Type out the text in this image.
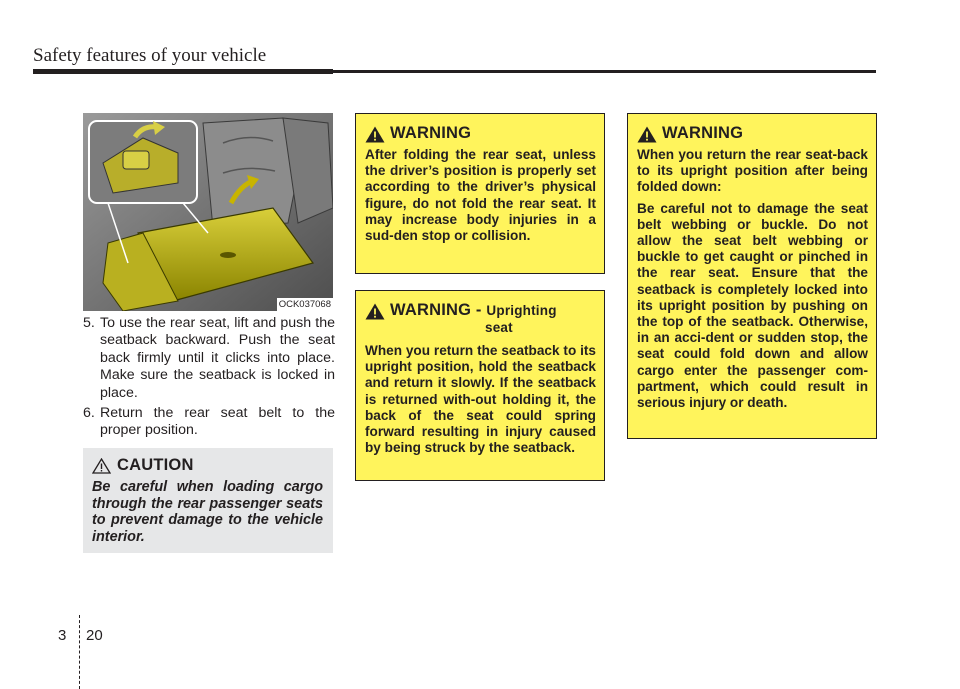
Safety features of your vehicle
OCK037068
5. To use the rear seat, lift and push the seatback backward. Push the seat back firmly until it clicks into place. Make sure the seatback is locked in place.
6. Return the rear seat belt to the proper position.
CAUTION

Be careful when loading cargo through the rear passenger seats to prevent damage to the vehicle interior.

WARNING

After folding the rear seat, unless the driver’s position is properly set according to the driver’s physical figure, do not fold the rear seat. It may increase body injuries in a sud-den stop or collision.

WARNING - Uprighting
seat

When you return the seatback to its upright position, hold the seatback and return it slowly. If the seatback is returned with-out holding it, the back of the seat could spring forward resulting in injury caused by being struck by the seatback.

WARNING

When you return the rear seat-back to its upright position after being folded down:

Be careful not to damage the seat belt webbing or buckle. Do not allow the seat belt webbing or buckle to get caught or pinched in the rear seat. Ensure that the seatback is completely locked into its upright position by pushing on the top of the seatback. Otherwise, in an acci-dent or sudden stop, the seat could fold down and allow cargo enter the passenger com-partment, which could result in serious injury or death.

3 20
